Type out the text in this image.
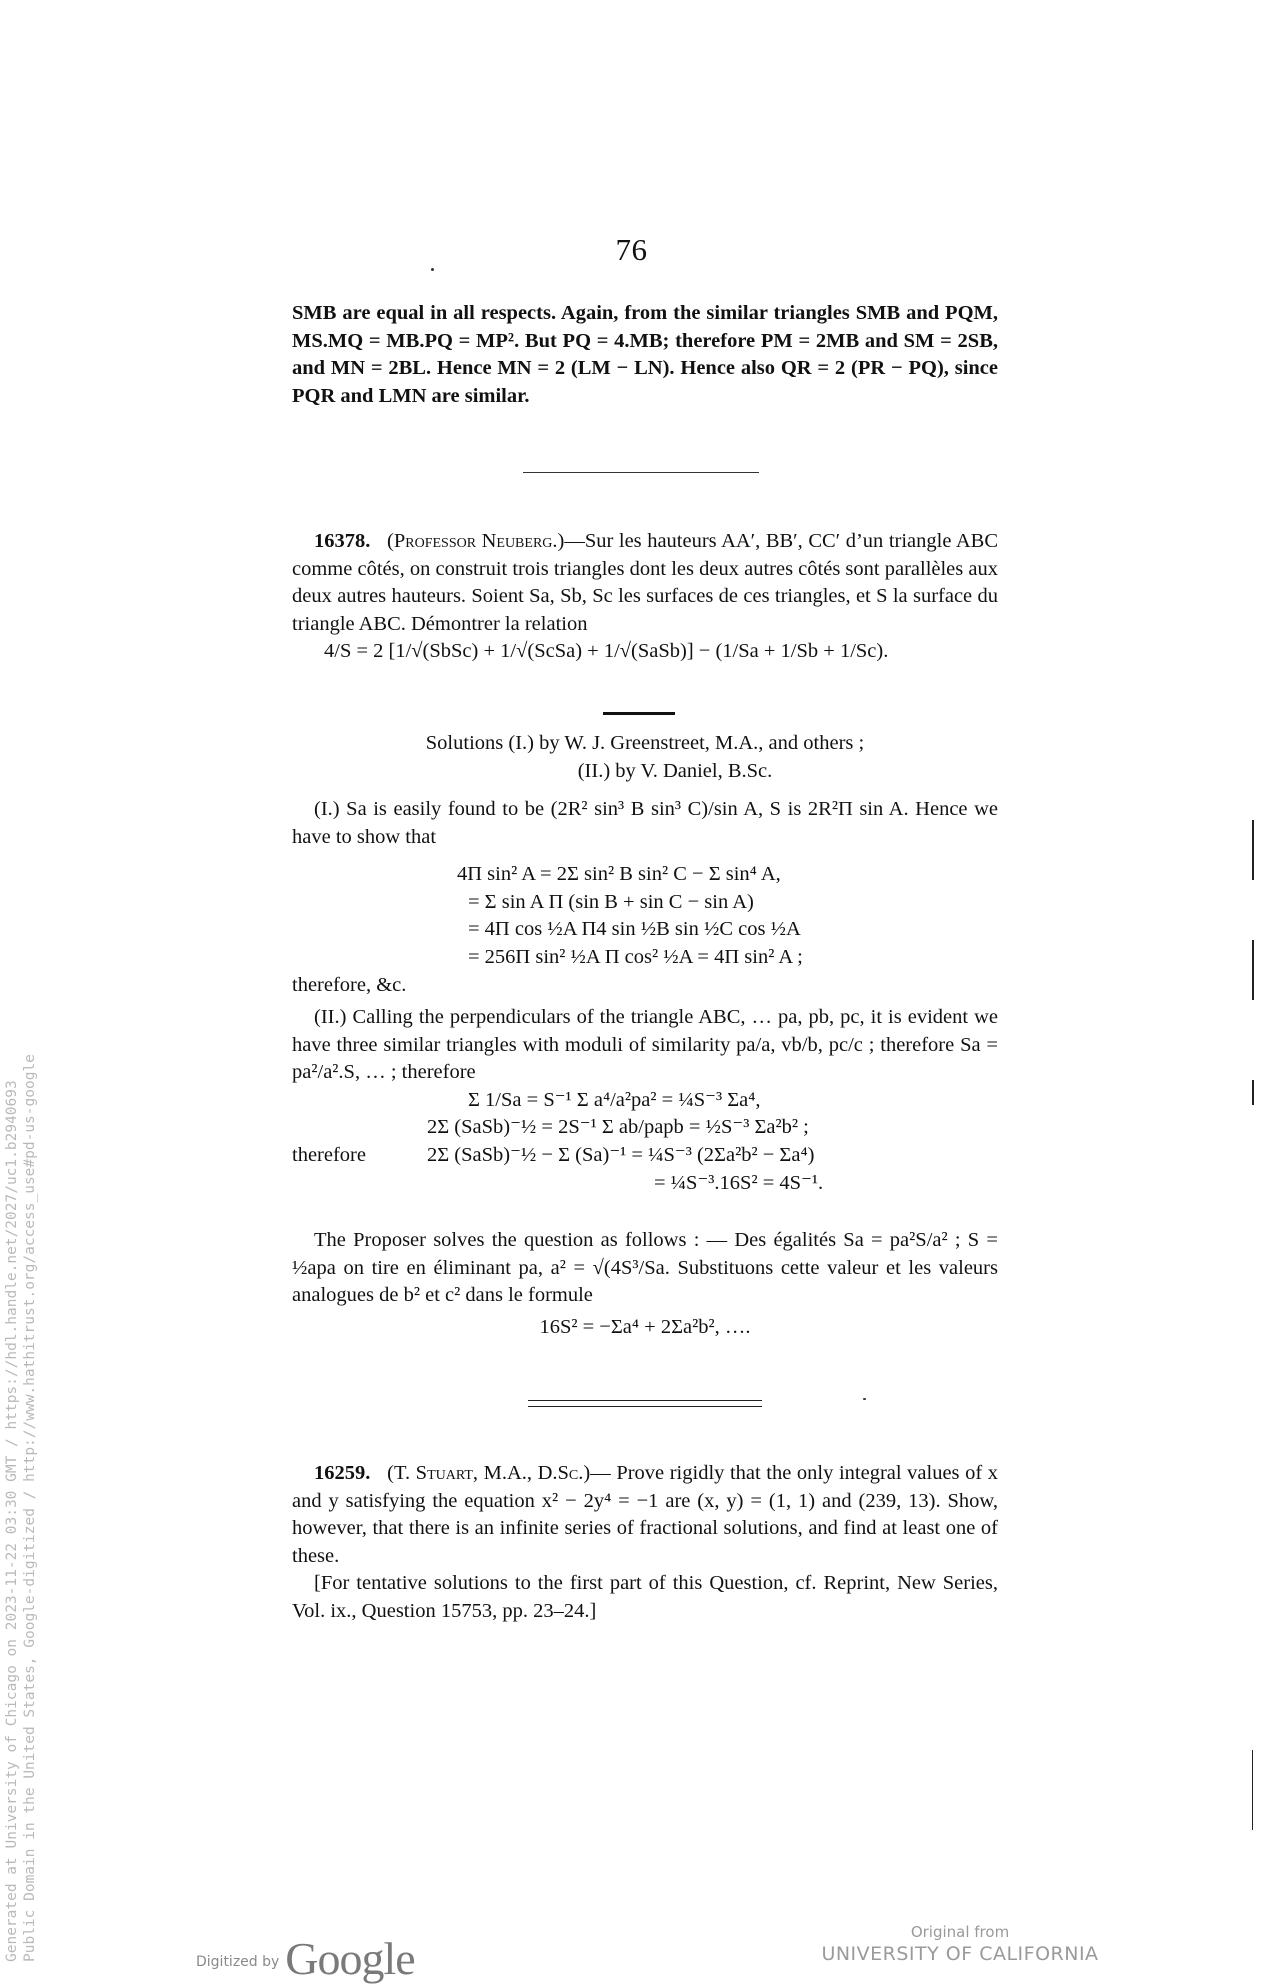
Generated at University of Chicago on 2023-11-22 03:30 GMT / https://hdl.handle.net/2027/uc1.b2940693 Public Domain in the United States, Google-digitized / http://www.hathitrust.org/access_use#pd-us-google
76

SMB are equal in all respects. Again, from the similar triangles SMB and PQM, MS.MQ = MB.PQ = MP². But PQ = 4.MB; therefore PM = 2MB and SM = 2SB, and MN = 2BL. Hence MN = 2 (LM − LN). Hence also QR = 2 (PR − PQ), since PQR and LMN are similar.

16378. (Professor Neuberg.)—Sur les hauteurs AA′, BB′, CC′ d’un triangle ABC comme côtés, on construit trois triangles dont les deux autres côtés sont parallèles aux deux autres hauteurs. Soient Sa, Sb, Sc les surfaces de ces triangles, et S la surface du triangle ABC. Démontrer la relation

4/S = 2 [1/√(SbSc) + 1/√(ScSa) + 1/√(SaSb)] − (1/Sa + 1/Sb + 1/Sc).

Solutions (I.) by W. J. Greenstreet, M.A., and others ;

(II.) by V. Daniel, B.Sc.

(I.) Sa is easily found to be (2R² sin³ B sin³ C)/sin A, S is 2R²Π sin A. Hence we have to show that

4Π sin² A = 2Σ sin² B sin² C − Σ sin⁴ A,

= Σ sin A Π (sin B + sin C − sin A)

= 4Π cos ½A Π4 sin ½B sin ½C cos ½A

= 256Π sin² ½A Π cos² ½A = 4Π sin² A ;

therefore, &c.

(II.) Calling the perpendiculars of the triangle ABC, … pa, pb, pc, it is evident we have three similar triangles with moduli of similarity pa/a, vb/b, pc/c ; therefore Sa = pa²/a².S, … ; therefore

Σ 1/Sa = S⁻¹ Σ a⁴/a²pa² = ¼S⁻³ Σa⁴,

2Σ (SaSb)⁻½ = 2S⁻¹ Σ ab/papb = ½S⁻³ Σa²b² ;

therefore	2Σ (SaSb)⁻½ − Σ (Sa)⁻¹ = ¼S⁻³ (2Σa²b² − Σa⁴)

= ¼S⁻³.16S² = 4S⁻¹.

The Proposer solves the question as follows : — Des égalités Sa = pa²S/a² ; S = ½apa on tire en éliminant pa, a² = √(4S³/Sa. Substituons cette valeur et les valeurs analogues de b² et c² dans le formule

16S² = −Σa⁴ + 2Σa²b², ….

16259. (T. Stuart, M.A., D.Sc.)— Prove rigidly that the only integral values of x and y satisfying the equation x² − 2y⁴ = −1 are (x, y) = (1, 1) and (239, 13). Show, however, that there is an infinite series of fractional solutions, and find at least one of these.

[For tentative solutions to the first part of this Question, cf. Reprint, New Series, Vol. ix., Question 15753, pp. 23–24.]

Digitized by Google
Original from
UNIVERSITY OF CALIFORNIA
